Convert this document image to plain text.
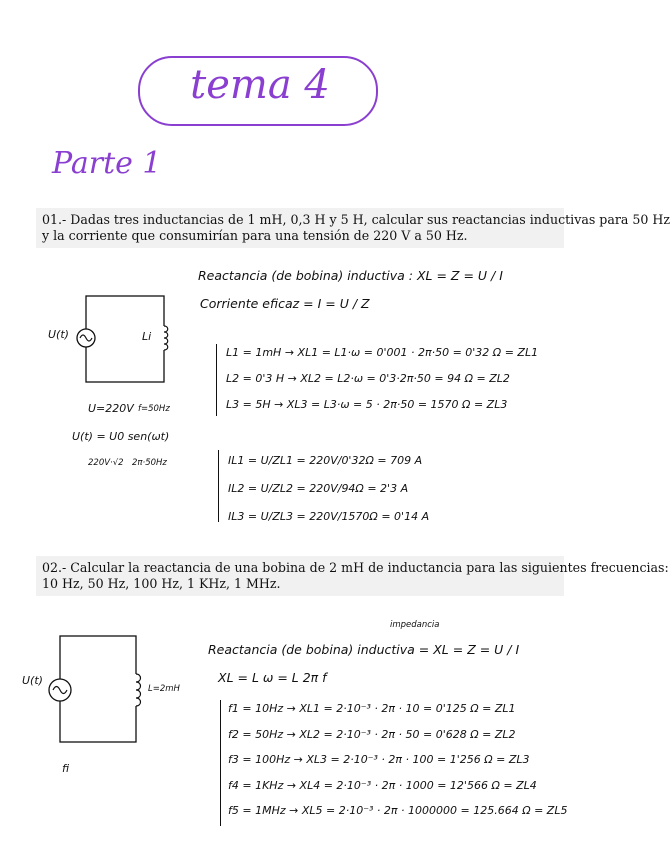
tema 4
Parte 1
01.- Dadas tres inductancias de 1 mH, 0,3 H y 5 H, calcular sus reactancias inductivas para 50 Hz
y la corriente que consumirían para una tensión de 220 V a 50 Hz.
Reactancia (de bobina) inductiva : XL = Z = U / I
Corriente eficaz = I = U / Z
U(t)	Li
U=220V f=50Hz
U(t) = U0 sen(ωt)
220V·√2 2π·50Hz
L1 = 1mH → XL1 = L1·ω = 0'001 · 2π·50 = 0'32 Ω = ZL1
L2 = 0'3 H → XL2 = L2·ω = 0'3·2π·50 = 94 Ω = ZL2
L3 = 5H → XL3 = L3·ω = 5 · 2π·50 = 1570 Ω = ZL3
IL1 = U/ZL1 = 220V/0'32Ω = 709 A
IL2 = U/ZL2 = 220V/94Ω = 2'3 A
IL3 = U/ZL3 = 220V/1570Ω = 0'14 A
02.- Calcular la reactancia de una bobina de 2 mH de inductancia para las siguientes frecuencias:
10 Hz, 50 Hz, 100 Hz, 1 KHz, 1 MHz.
impedancia
Reactancia (de bobina) inductiva = XL = Z = U / I
XL = L ω = L 2π f
U(t)
L=2mH
fi
f1 = 10Hz → XL1 = 2·10⁻³ · 2π · 10 = 0'125 Ω = ZL1
f2 = 50Hz → XL2 = 2·10⁻³ · 2π · 50 = 0'628 Ω = ZL2
f3 = 100Hz → XL3 = 2·10⁻³ · 2π · 100 = 1'256 Ω = ZL3
f4 = 1KHz → XL4 = 2·10⁻³ · 2π · 1000 = 12'566 Ω = ZL4
f5 = 1MHz → XL5 = 2·10⁻³ · 2π · 1000000 = 125.664 Ω = ZL5
